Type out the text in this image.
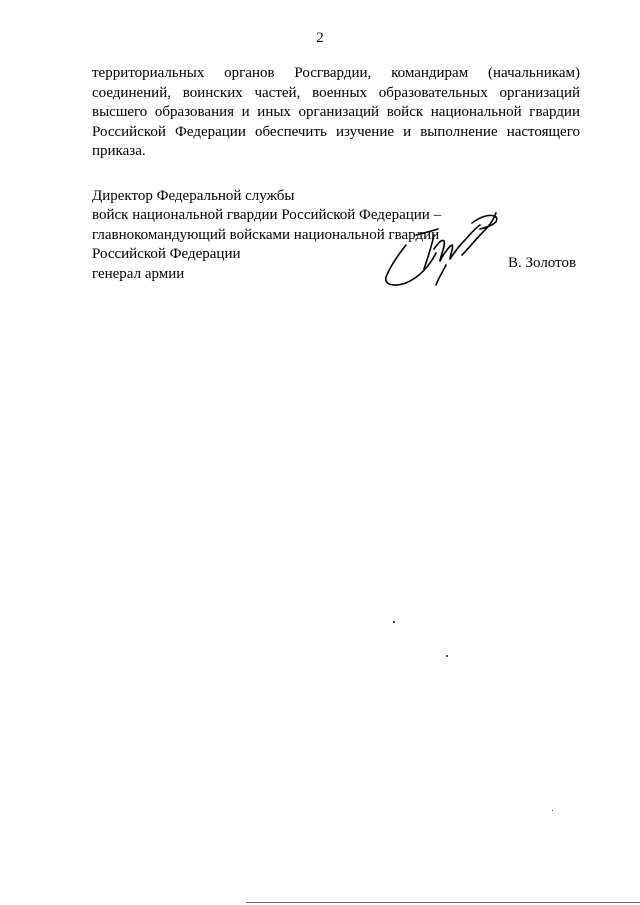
2
территориальных органов Росгвардии, командирам (начальникам)
соединений, воинских частей, военных образовательных организаций
высшего образования и иных организаций войск национальной гвардии
Российской Федерации обеспечить изучение и выполнение настоящего
приказа.
Директор Федеральной службы
войск национальной гвардии Российской Федерации –
главнокомандующий войсками национальной гвардии
Российской Федерации
генерал армии
В. Золотов
